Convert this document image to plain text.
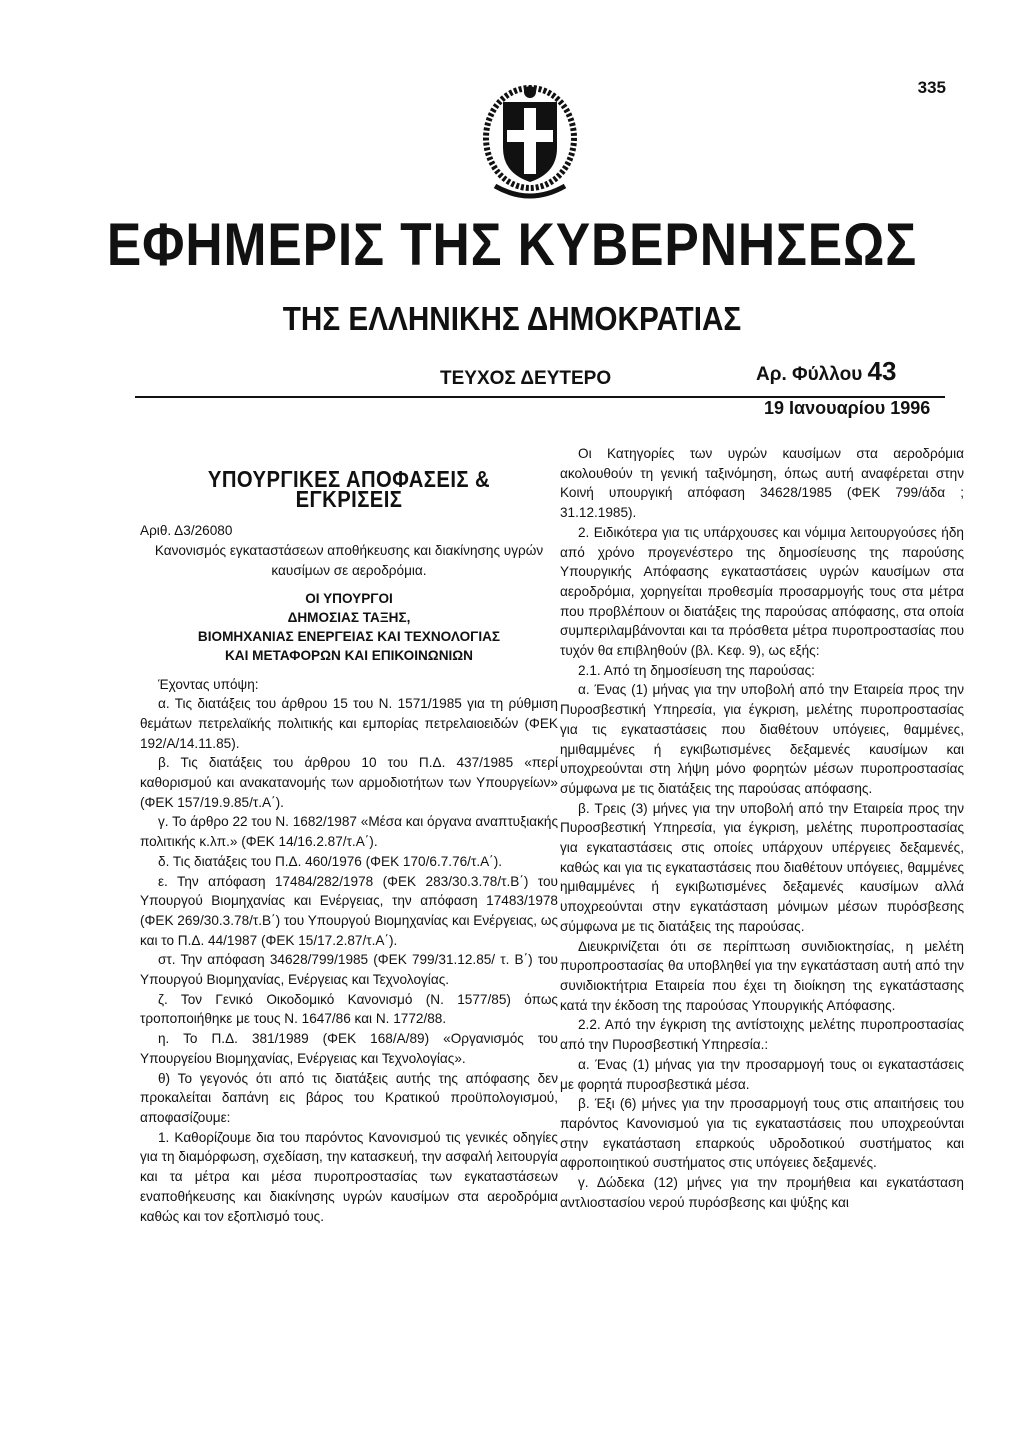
335
ΕΦΗΜΕΡΙΣ ΤΗΣ ΚΥΒΕΡΝΗΣΕΩΣ
ΤΗΣ ΕΛΛΗΝΙΚΗΣ ΔΗΜΟΚΡΑΤΙΑΣ
ΤΕΥΧΟΣ ΔΕΥΤΕΡΟ	Αρ. Φύλλου 43
19 Ιανουαρίου 1996

ΥΠΟΥΡΓΙΚΕΣ ΑΠΟΦΑΣΕΙΣ & ΕΓΚΡΙΣΕΙΣ

Αριθ. Δ3/26080

Κανονισμός εγκαταστάσεων αποθήκευσης και διακίνησης υγρών καυσίμων σε αεροδρόμια.

ΟΙ ΥΠΟΥΡΓΟΙ
ΔΗΜΟΣΙΑΣ ΤΑΞΗΣ,
ΒΙΟΜΗΧΑΝΙΑΣ ΕΝΕΡΓΕΙΑΣ ΚΑΙ ΤΕΧΝΟΛΟΓΙΑΣ
ΚΑΙ ΜΕΤΑΦΟΡΩΝ ΚΑΙ ΕΠΙΚΟΙΝΩΝΙΩΝ

Έχοντας υπόψη:

α. Τις διατάξεις του άρθρου 15 του Ν. 1571/1985 για τη ρύθμιση θεμάτων πετρελαϊκής πολιτικής και εμπορίας πετρελαιοειδών (ΦΕΚ 192/Α/14.11.85).

β. Τις διατάξεις του άρθρου 10 του Π.Δ. 437/1985 «περί καθορισμού και ανακατανομής των αρμοδιοτήτων των Υπουργείων» (ΦΕΚ 157/19.9.85/τ.Α΄).

γ. Το άρθρο 22 του Ν. 1682/1987 «Μέσα και όργανα αναπτυξιακής πολιτικής κ.λπ.» (ΦΕΚ 14/16.2.87/τ.Α΄).

δ. Τις διατάξεις του Π.Δ. 460/1976 (ΦΕΚ 170/6.7.76/τ.Α΄).

ε. Την απόφαση 17484/282/1978 (ΦΕΚ 283/30.3.78/τ.Β΄) του Υπουργού Βιομηχανίας και Ενέργειας, την απόφαση 17483/1978 (ΦΕΚ 269/30.3.78/τ.Β΄) του Υπουργού Βιομηχανίας και Ενέργειας, ως και το Π.Δ. 44/1987 (ΦΕΚ 15/17.2.87/τ.Α΄).

στ. Την απόφαση 34628/799/1985 (ΦΕΚ 799/31.12.85/ τ. Β΄) του Υπουργού Βιομηχανίας, Ενέργειας και Τεχνολογίας.

ζ. Τον Γενικό Οικοδομικό Κανονισμό (Ν. 1577/85) όπως τροποποιήθηκε με τους Ν. 1647/86 και Ν. 1772/88.

η. Το Π.Δ. 381/1989 (ΦΕΚ 168/Α/89) «Οργανισμός του Υπουργείου Βιομηχανίας, Ενέργειας και Τεχνολογίας».

θ) Το γεγονός ότι από τις διατάξεις αυτής της απόφασης δεν προκαλείται δαπάνη εις βάρος του Κρατικού προϋπολογισμού, αποφασίζουμε:

1. Καθορίζουμε δια του παρόντος Κανονισμού τις γενικές οδηγίες για τη διαμόρφωση, σχεδίαση, την κατασκευή, την ασφαλή λειτουργία και τα μέτρα και μέσα πυροπροστασίας των εγκαταστάσεων εναποθήκευσης και διακίνησης υγρών καυσίμων στα αεροδρόμια καθώς και τον εξοπλισμό τους.

Οι Κατηγορίες των υγρών καυσίμων στα αεροδρόμια ακολουθούν τη γενική ταξινόμηση, όπως αυτή αναφέρεται στην Κοινή υπουργική απόφαση 34628/1985 (ΦΕΚ 799/άδα ; 31.12.1985).

2. Ειδικότερα για τις υπάρχουσες και νόμιμα λειτουργούσες ήδη από χρόνο προγενέστερο της δημοσίευσης της παρούσης Υπουργικής Απόφασης εγκαταστάσεις υγρών καυσίμων στα αεροδρόμια, χορηγείται προθεσμία προσαρμογής τους στα μέτρα που προβλέπουν οι διατάξεις της παρούσας απόφασης, στα οποία συμπεριλαμβάνονται και τα πρόσθετα μέτρα πυροπροστασίας που τυχόν θα επιβληθούν (βλ. Κεφ. 9), ως εξής:

2.1. Από τη δημοσίευση της παρούσας:

α. Ένας (1) μήνας για την υποβολή από την Εταιρεία προς την Πυροσβεστική Υπηρεσία, για έγκριση, μελέτης πυροπροστασίας για τις εγκαταστάσεις που διαθέτουν υπόγειες, θαμμένες, ημιθαμμένες ή εγκιβωτισμένες δεξαμενές καυσίμων και υποχρεούνται στη λήψη μόνο φορητών μέσων πυροπροστασίας σύμφωνα με τις διατάξεις της παρούσας απόφασης.

β. Τρεις (3) μήνες για την υποβολή από την Εταιρεία προς την Πυροσβεστική Υπηρεσία, για έγκριση, μελέτης πυροπροστασίας για εγκαταστάσεις στις οποίες υπάρχουν υπέργειες δεξαμενές, καθώς και για τις εγκαταστάσεις που διαθέτουν υπόγειες, θαμμένες ημιθαμμένες ή εγκιβωτισμένες δεξαμενές καυσίμων αλλά υποχρεούνται στην εγκατάσταση μόνιμων μέσων πυρόσβεσης σύμφωνα με τις διατάξεις της παρούσας.

Διευκρινίζεται ότι σε περίπτωση συνιδιοκτησίας, η μελέτη πυροπροστασίας θα υποβληθεί για την εγκατάσταση αυτή από την συνιδιοκτήτρια Εταιρεία που έχει τη διοίκηση της εγκατάστασης κατά την έκδοση της παρούσας Υπουργικής Απόφασης.

2.2. Από την έγκριση της αντίστοιχης μελέτης πυροπροστασίας από την Πυροσβεστική Υπηρεσία.:

α. Ένας (1) μήνας για την προσαρμογή τους οι εγκαταστάσεις με φορητά πυροσβεστικά μέσα.

β. Έξι (6) μήνες για την προσαρμογή τους στις απαιτήσεις του παρόντος Κανονισμού για τις εγκαταστάσεις που υποχρεούνται στην εγκατάσταση επαρκούς υδροδοτικού συστήματος και αφροποιητικού συστήματος στις υπόγειες δεξαμενές.

γ. Δώδεκα (12) μήνες για την προμήθεια και εγκατάσταση αντλιοστασίου νερού πυρόσβεσης και ψύξης και
